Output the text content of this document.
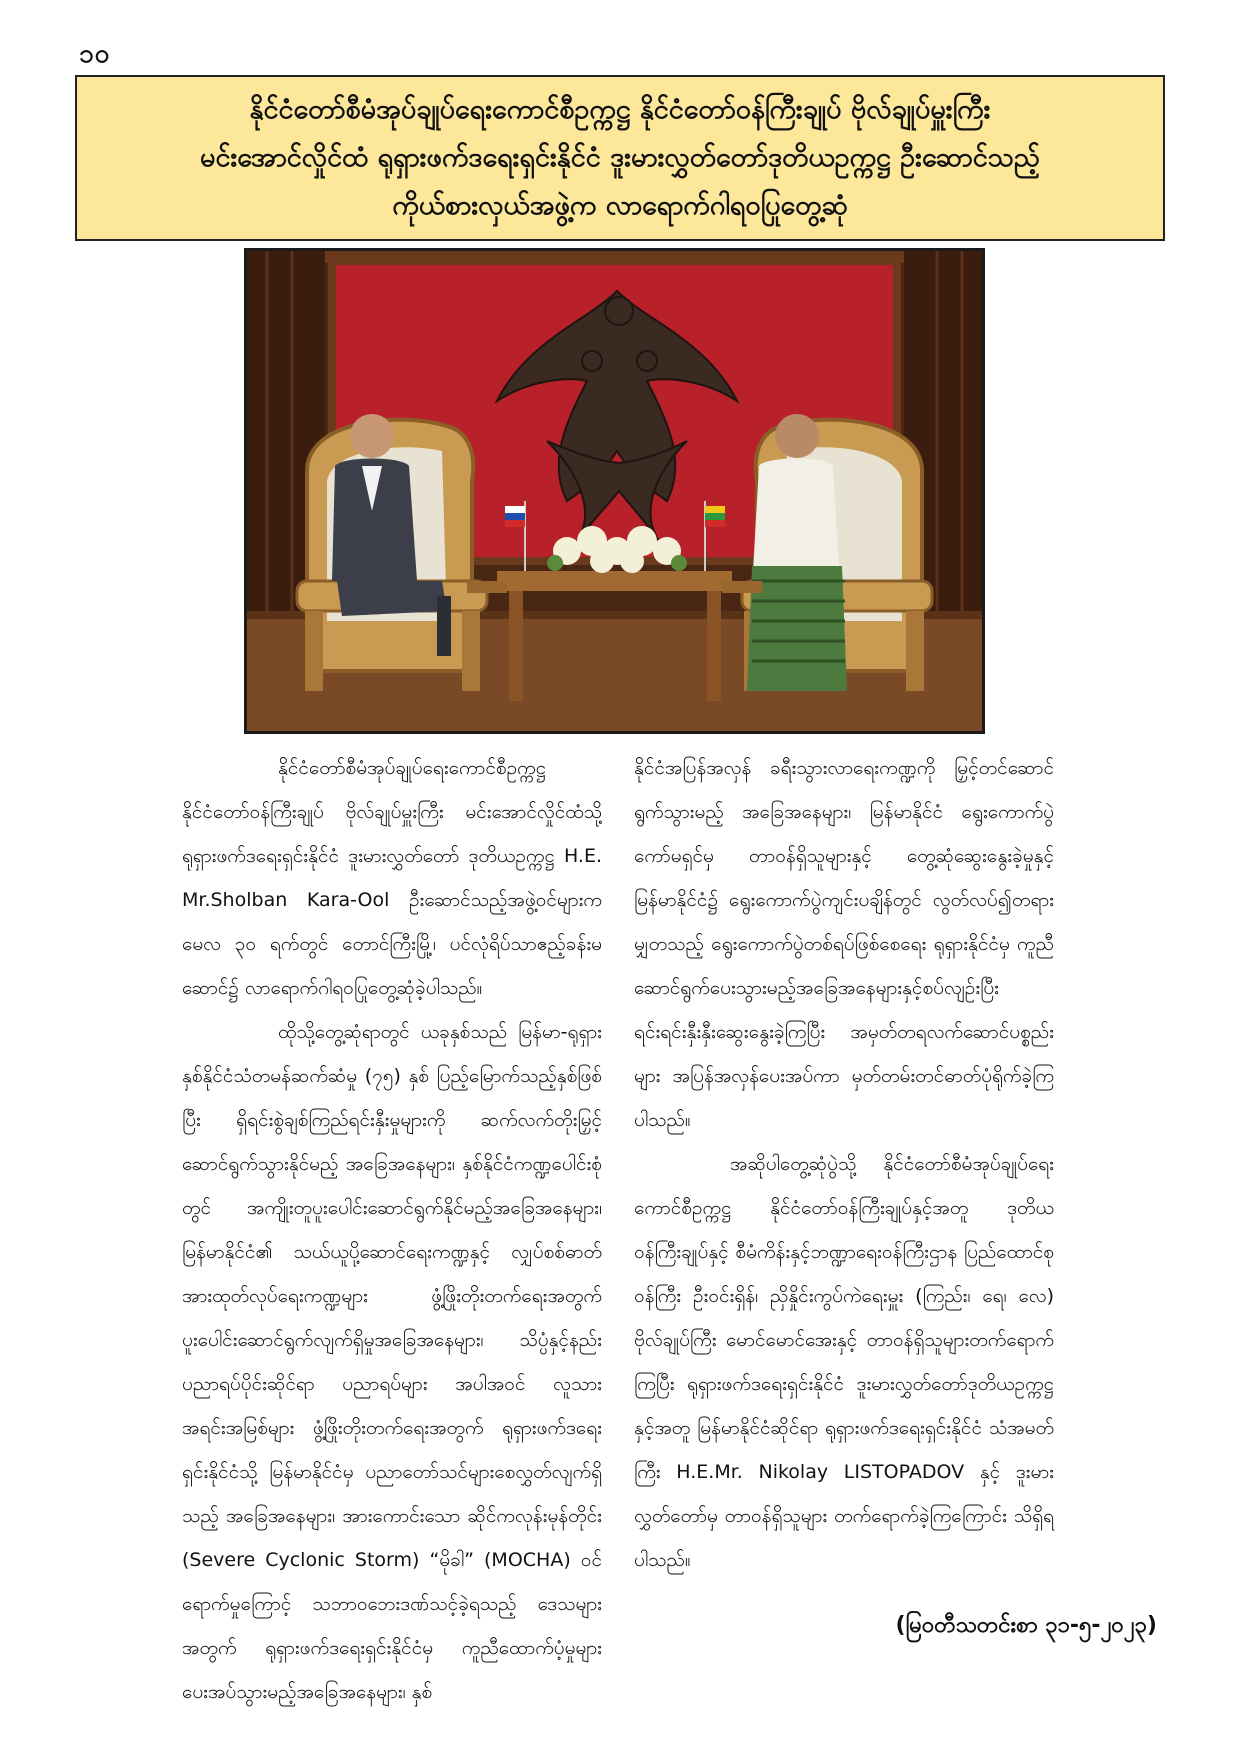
၁၀
နိုင်ငံတော်စီမံအုပ်ချုပ်ရေးကောင်စီဥက္ကဋ္ဌ နိုင်ငံတော်ဝန်ကြီးချုပ် ဗိုလ်ချုပ်မှူးကြီး
မင်းအောင်လှိုင်ထံ ရုရှားဖက်ဒရေးရှင်းနိုင်ငံ ဒူးမားလွှတ်တော်ဒုတိယဥက္ကဋ္ဌ ဦးဆောင်သည့်
ကိုယ်စားလှယ်အဖွဲ့က လာရောက်ဂါရဝပြုတွေ့ဆုံ

နိုင်ငံတော်စီမံအုပ်ချုပ်ရေးကောင်စီဥက္ကဋ္ဌ နိုင်ငံတော်ဝန်ကြီးချုပ် ဗိုလ်ချုပ်မှူးကြီး မင်းအောင်လှိုင်ထံသို့ ရုရှားဖက်ဒရေးရှင်းနိုင်ငံ ဒူးမားလွှတ်တော် ဒုတိယဥက္ကဋ္ဌ H.E. Mr.Sholban Kara-Ool ဦးဆောင်သည့်အဖွဲ့ဝင်များက မေလ ၃၀ ရက်တွင် တောင်ကြီးမြို့၊ ပင်လုံရိပ်သာဧည့်ခန်းမဆောင်၌ လာရောက်ဂါရဝပြုတွေ့ဆုံခဲ့ပါသည်။

ထိုသို့တွေ့ဆုံရာတွင် ယခုနှစ်သည် မြန်မာ-ရုရှား နှစ်နိုင်ငံသံတမန်ဆက်ဆံမှု (၇၅) နှစ် ပြည့်မြောက်သည့်နှစ်ဖြစ်ပြီး ရှိရင်းစွဲချစ်ကြည်ရင်းနှီးမှုများကို ဆက်လက်တိုးမြှင့်ဆောင်ရွက်သွားနိုင်မည့် အခြေအနေများ၊ နှစ်နိုင်ငံကဏ္ဍပေါင်းစုံတွင် အကျိုးတူပူးပေါင်းဆောင်ရွက်နိုင်မည့်အခြေအနေများ၊ မြန်မာနိုင်ငံ၏ သယ်ယူပို့ဆောင်ရေးကဏ္ဍနှင့် လျှပ်စစ်ဓာတ်အားထုတ်လုပ်ရေးကဏ္ဍများ ဖွံ့ဖြိုးတိုးတက်ရေးအတွက် ပူးပေါင်းဆောင်ရွက်လျက်ရှိမှုအခြေအနေများ၊ သိပ္ပံနှင့်နည်းပညာရပ်ပိုင်းဆိုင်ရာ ပညာရပ်များ အပါအဝင် လူသားအရင်းအမြစ်များ ဖွံ့ဖြိုးတိုးတက်ရေးအတွက် ရုရှားဖက်ဒရေးရှင်းနိုင်ငံသို့ မြန်မာနိုင်ငံမှ ပညာတော်သင်များစေလွှတ်လျက်ရှိသည့် အခြေအနေများ၊ အားကောင်းသော ဆိုင်ကလုန်းမုန်တိုင်း (Severe Cyclonic Storm) “မိုခါ” (MOCHA) ဝင်ရောက်မှုကြောင့် သဘာဝဘေးဒဏ်သင့်ခဲ့ရသည့် ဒေသများအတွက် ရုရှားဖက်ဒရေးရှင်းနိုင်ငံမှ ကူညီထောက်ပံ့မှုများ ပေးအပ်သွားမည့်အခြေအနေများ၊ နှစ်

နိုင်ငံအပြန်အလှန် ခရီးသွားလာရေးကဏ္ဍကို မြှင့်တင်ဆောင်ရွက်သွားမည့် အခြေအနေများ၊ မြန်မာနိုင်ငံ ရွေးကောက်ပွဲကော်မရှင်မှ တာဝန်ရှိသူများနှင့် တွေ့ဆုံဆွေးနွေးခဲ့မှုနှင့် မြန်မာနိုင်ငံ၌ ရွေးကောက်ပွဲကျင်းပချိန်တွင် လွတ်လပ်၍တရားမျှတသည့် ရွေးကောက်ပွဲတစ်ရပ်ဖြစ်စေရေး ရုရှားနိုင်ငံမှ ကူညီဆောင်ရွက်ပေးသွားမည့်အခြေအနေများနှင့်စပ်လျဉ်းပြီး ရင်းရင်းနှီးနှီးဆွေးနွေးခဲ့ကြပြီး အမှတ်တရလက်ဆောင်ပစ္စည်းများ အပြန်အလှန်ပေးအပ်ကာ မှတ်တမ်းတင်ဓာတ်ပုံရိုက်ခဲ့ကြပါသည်။

အဆိုပါတွေ့ဆုံပွဲသို့ နိုင်ငံတော်စီမံအုပ်ချုပ်ရေးကောင်စီဥက္ကဋ္ဌ နိုင်ငံတော်ဝန်ကြီးချုပ်နှင့်အတူ ဒုတိယဝန်ကြီးချုပ်နှင့် စီမံကိန်းနှင့်ဘဏ္ဍာရေးဝန်ကြီးဌာန ပြည်ထောင်စုဝန်ကြီး ဦးဝင်းရှိန်၊ ညှိနှိုင်းကွပ်ကဲရေးမှူး (ကြည်း၊ ရေ၊ လေ) ဗိုလ်ချုပ်ကြီး မောင်မောင်အေးနှင့် တာဝန်ရှိသူများတက်ရောက်ကြပြီး ရုရှားဖက်ဒရေးရှင်းနိုင်ငံ ဒူးမားလွှတ်တော်ဒုတိယဥက္ကဋ္ဌနှင့်အတူ မြန်မာနိုင်ငံဆိုင်ရာ ရုရှားဖက်ဒရေးရှင်းနိုင်ငံ သံအမတ်ကြီး H.E.Mr. Nikolay LISTOPADOV နှင့် ဒူးမားလွှတ်တော်မှ တာဝန်ရှိသူများ တက်ရောက်ခဲ့ကြကြောင်း သိရှိရပါသည်။

(မြဝတီသတင်းစာ ၃၁-၅-၂၀၂၃)
